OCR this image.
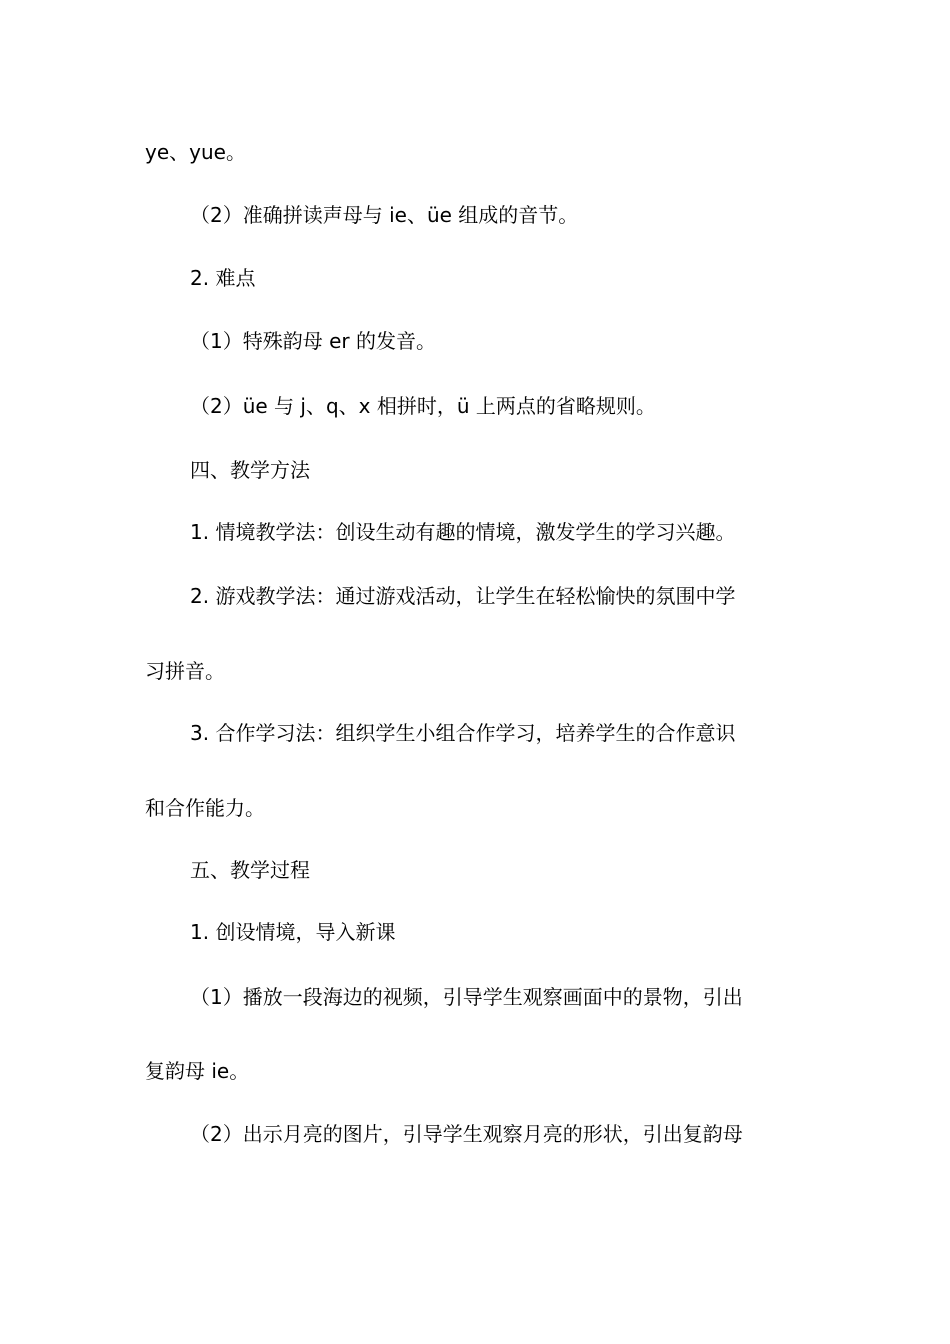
ye、yue。
（2）准确拼读声母与 ie、üe 组成的音节。
2. 难点
（1）特殊韵母 er 的发音。
（2）üe 与 j、q、x 相拼时，ü 上两点的省略规则。
四、教学方法
1. 情境教学法：创设生动有趣的情境，激发学生的学习兴趣。
2. 游戏教学法：通过游戏活动，让学生在轻松愉快的氛围中学
习拼音。
3. 合作学习法：组织学生小组合作学习，培养学生的合作意识
和合作能力。
五、教学过程
1. 创设情境，导入新课
（1）播放一段海边的视频，引导学生观察画面中的景物，引出
复韵母 ie。
（2）出示月亮的图片，引导学生观察月亮的形状，引出复韵母
